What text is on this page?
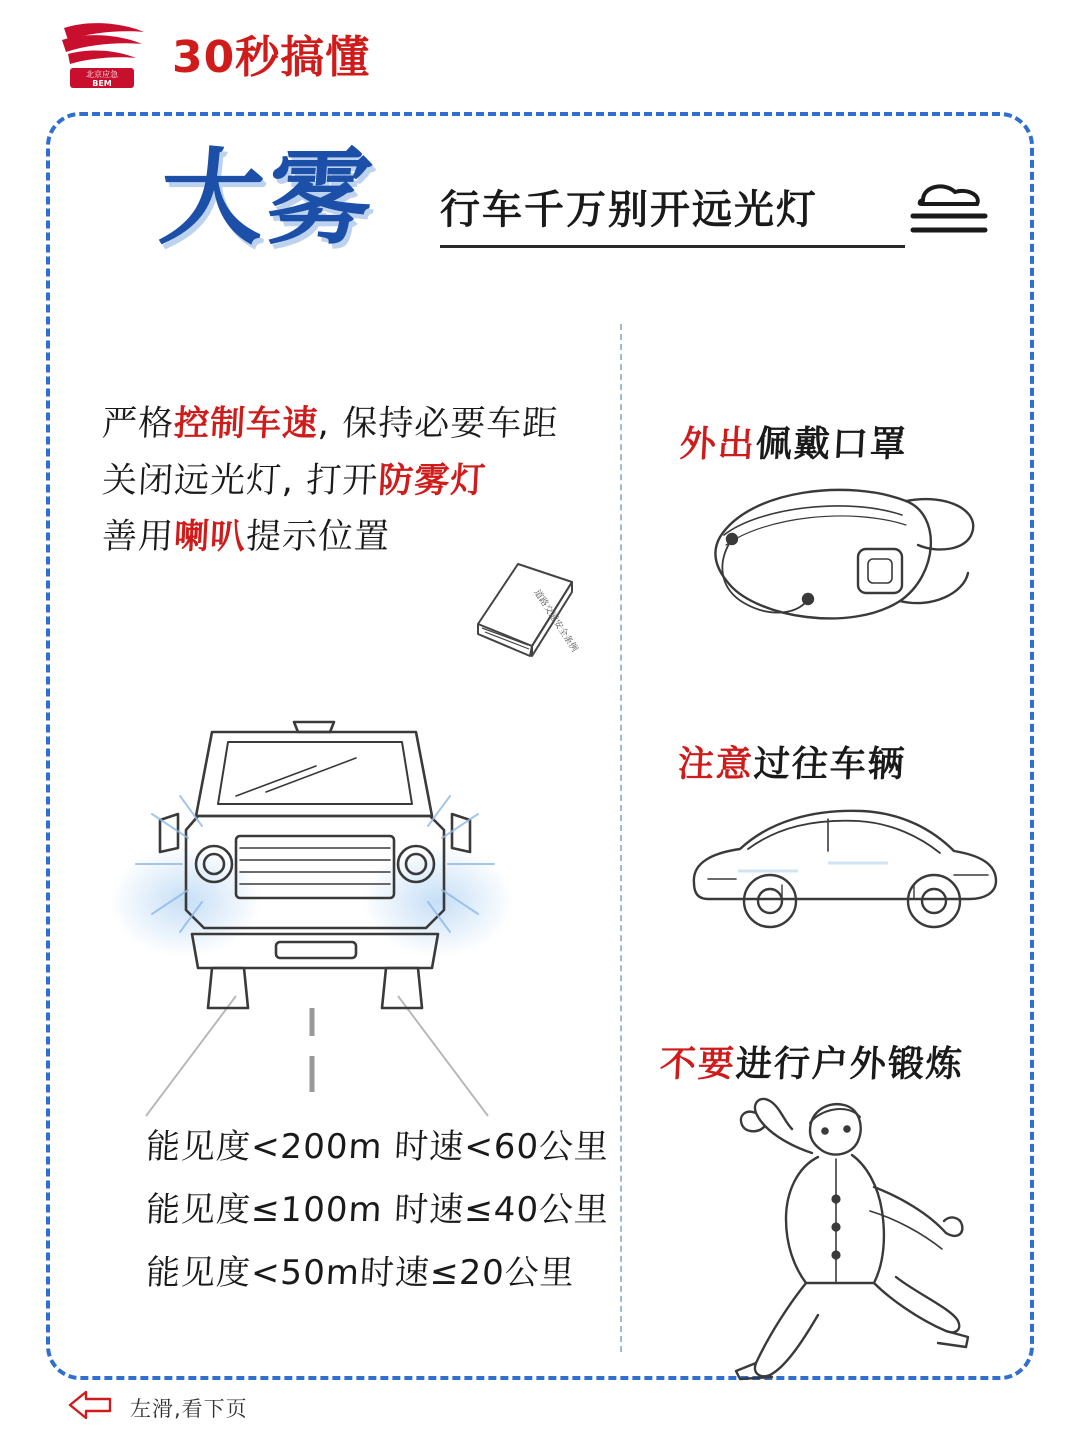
北京应急
BEM
30秒搞懂
大雾	行车千万别开远光灯
严格控制车速, 保持必要车距
关闭远光灯, 打开防雾灯
善用喇叭提示位置
道路交通安全条例
能见度<200m 时速<60公里
能见度≤100m 时速≤40公里
能见度<50m时速≤20公里
外出佩戴口罩
注意过往车辆
不要进行户外锻炼
左滑,看下页
